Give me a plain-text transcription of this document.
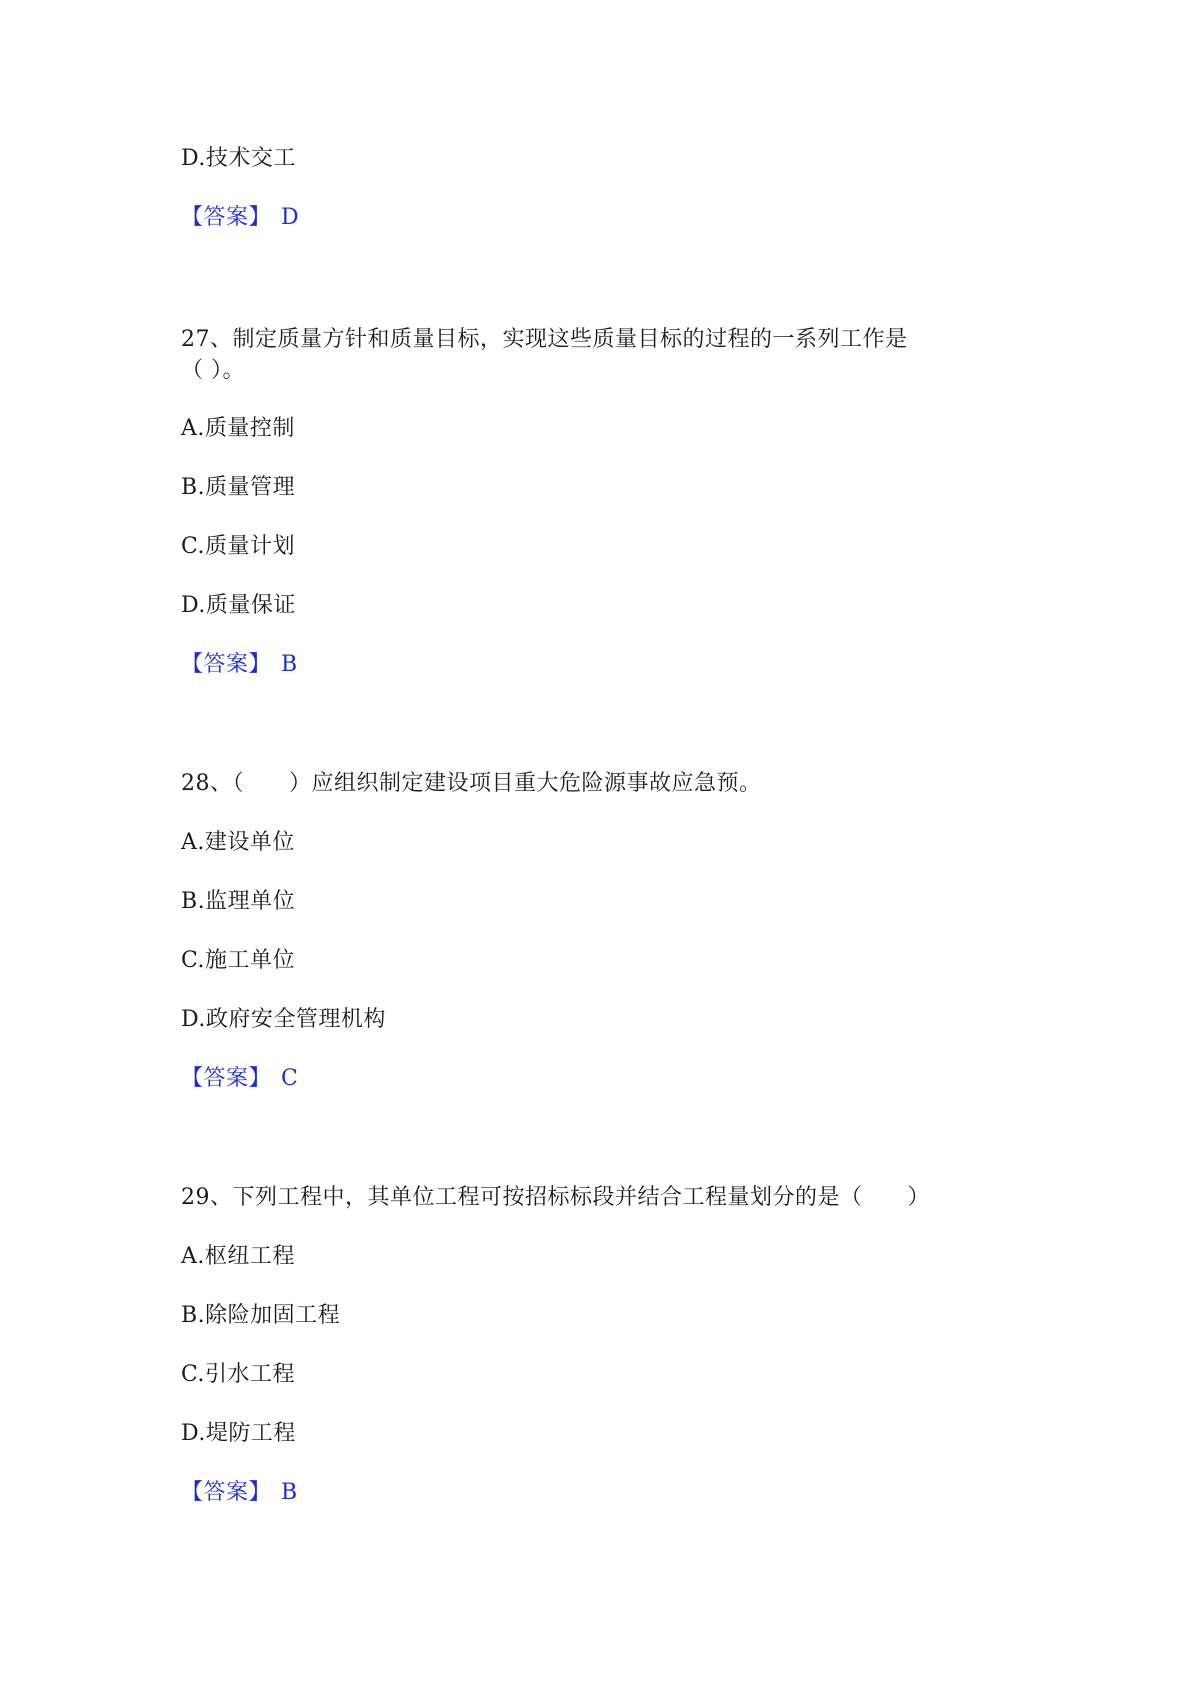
D.技术交工
【答案】 D
27、制定质量方针和质量目标，实现这些质量目标的过程的一系列工作是
（ ）。
A.质量控制
B.质量管理
C.质量计划
D.质量保证
【答案】 B
28、（　　）应组织制定建设项目重大危险源事故应急预。
A.建设单位
B.监理单位
C.施工单位
D.政府安全管理机构
【答案】 C
29、下列工程中，其单位工程可按招标标段并结合工程量划分的是（　　）
A.枢纽工程
B.除险加固工程
C.引水工程
D.堤防工程
【答案】 B
